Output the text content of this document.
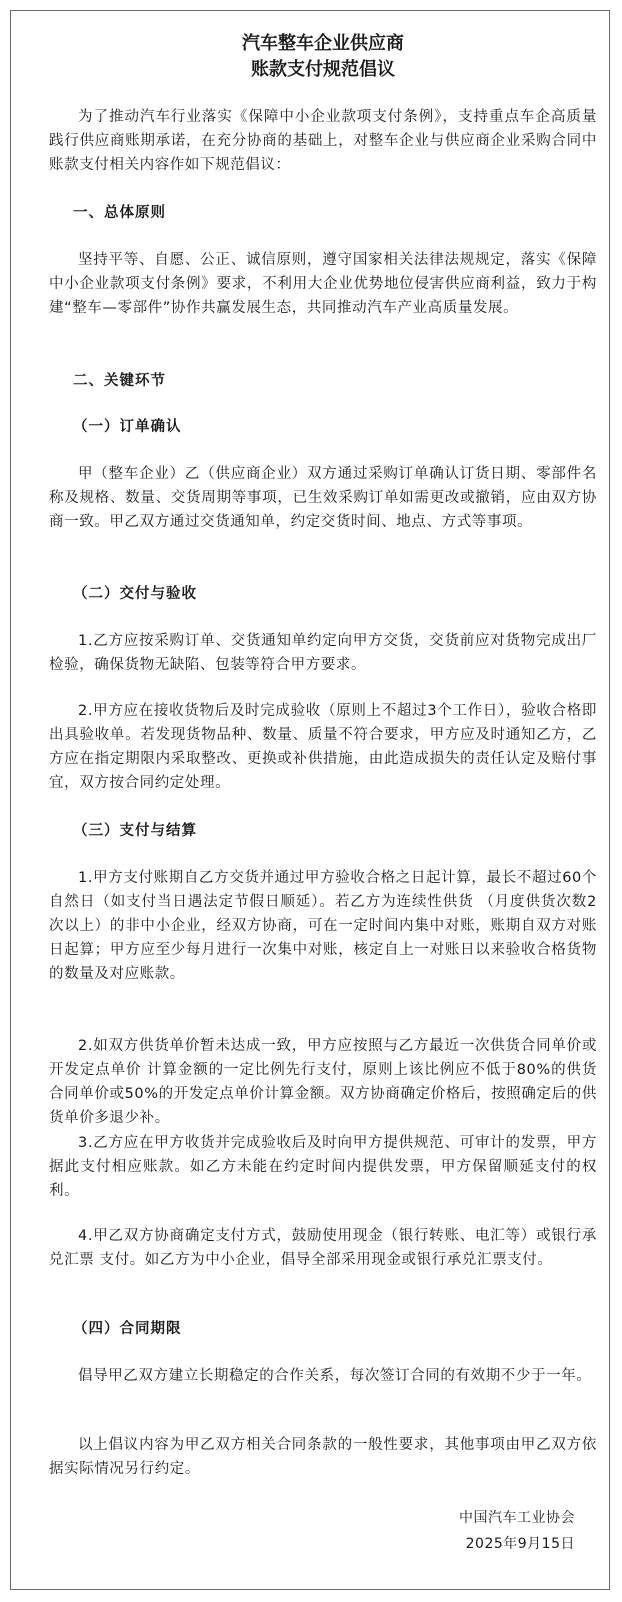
汽车整车企业供应商
账款支付规范倡议

为了推动汽车行业落实《保障中小企业款项支付条例》，支持重点车企高质量践行供应商账期承诺，在充分协商的基础上，对整车企业与供应商企业采购合同中账款支付相关内容作如下规范倡议：

一、总体原则

坚持平等、自愿、公正、诚信原则，遵守国家相关法律法规规定，落实《保障中小企业款项支付条例》要求，不利用大企业优势地位侵害供应商利益，致力于构建“整车—零部件”协作共赢发展生态，共同推动汽车产业高质量发展。

二、关键环节

（一）订单确认

甲（整车企业）乙（供应商企业）双方通过采购订单确认订货日期、零部件名称及规格、数量、交货周期等事项，已生效采购订单如需更改或撤销，应由双方协商一致。甲乙双方通过交货通知单，约定交货时间、地点、方式等事项。

（二）交付与验收

1.乙方应按采购订单、交货通知单约定向甲方交货，交货前应对货物完成出厂检验，确保货物无缺陷、包装等符合甲方要求。

2.甲方应在接收货物后及时完成验收（原则上不超过3个工作日），验收合格即出具验收单。若发现货物品种、数量、质量不符合要求，甲方应及时通知乙方，乙方应在指定期限内采取整改、更换或补供措施，由此造成损失的责任认定及赔付事宜，双方按合同约定处理。

（三）支付与结算

1.甲方支付账期自乙方交货并通过甲方验收合格之日起计算，最长不超过60个自然日（如支付当日遇法定节假日顺延）。若乙方为连续性供货 （月度供货次数2次以上）的非中小企业，经双方协商，可在一定时间内集中对账，账期自双方对账日起算；甲方应至少每月进行一次集中对账，核定自上一对账日以来验收合格货物的数量及对应账款。

2.如双方供货单价暂未达成一致，甲方应按照与乙方最近一次供货合同单价或开发定点单价 计算金额的一定比例先行支付，原则上该比例应不低于80%的供货合同单价或50%的开发定点单价计算金额。双方协商确定价格后，按照确定后的供货单价多退少补。

3.乙方应在甲方收货并完成验收后及时向甲方提供规范、可审计的发票，甲方据此支付相应账款。如乙方未能在约定时间内提供发票，甲方保留顺延支付的权利。

4.甲乙双方协商确定支付方式，鼓励使用现金（银行转账、电汇等）或银行承兑汇票 支付。如乙方为中小企业，倡导全部采用现金或银行承兑汇票支付。

（四）合同期限

倡导甲乙双方建立长期稳定的合作关系，每次签订合同的有效期不少于一年。

以上倡议内容为甲乙双方相关合同条款的一般性要求，其他事项由甲乙双方依据实际情况另行约定。

中国汽车工业协会
2025年9月15日
